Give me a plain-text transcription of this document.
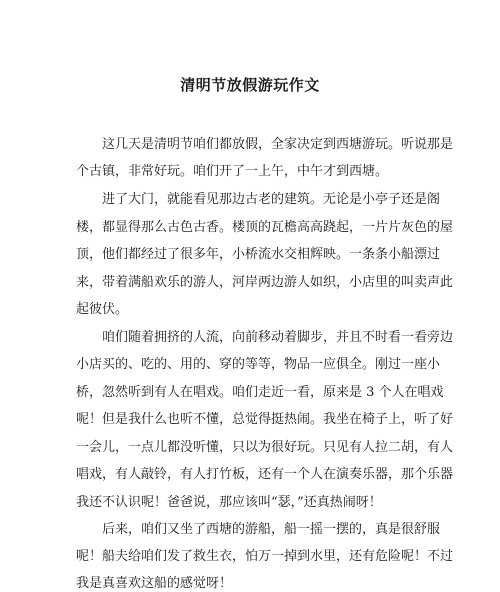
清明节放假游玩作文
这几天是清明节咱们都放假，全家决定到西塘游玩。听说那是
个古镇，非常好玩。咱们开了一上午，中午才到西塘。
进了大门，就能看见那边古老的建筑。无论是小亭子还是阁
楼，都显得那么古色古香。楼顶的瓦檐高高跷起，一片片灰色的屋
顶，他们都经过了很多年，小桥流水交相辉映。一条条小船漂过
来，带着满船欢乐的游人，河岸两边游人如织，小店里的叫卖声此
起彼伏。
咱们随着拥挤的人流，向前移动着脚步，并且不时看一看旁边
小店买的、吃的、用的、穿的等等，物品一应俱全。刚过一座小
桥，忽然听到有人在唱戏。咱们走近一看，原来是 3 个人在唱戏
呢！但是我什么也听不懂，总觉得挺热闹。我坐在椅子上，听了好
一会儿，一点儿都没听懂，只以为很好玩。只见有人拉二胡，有人
唱戏，有人敲铃，有人打竹板，还有一个人在演奏乐器，那个乐器
我还不认识呢！爸爸说，那应该叫“瑟，”还真热闹呀！
后来，咱们又坐了西塘的游船，船一摇一摆的，真是很舒服
呢！船夫给咱们发了救生衣，怕万一掉到水里，还有危险呢！不过
我是真喜欢这船的感觉呀！
